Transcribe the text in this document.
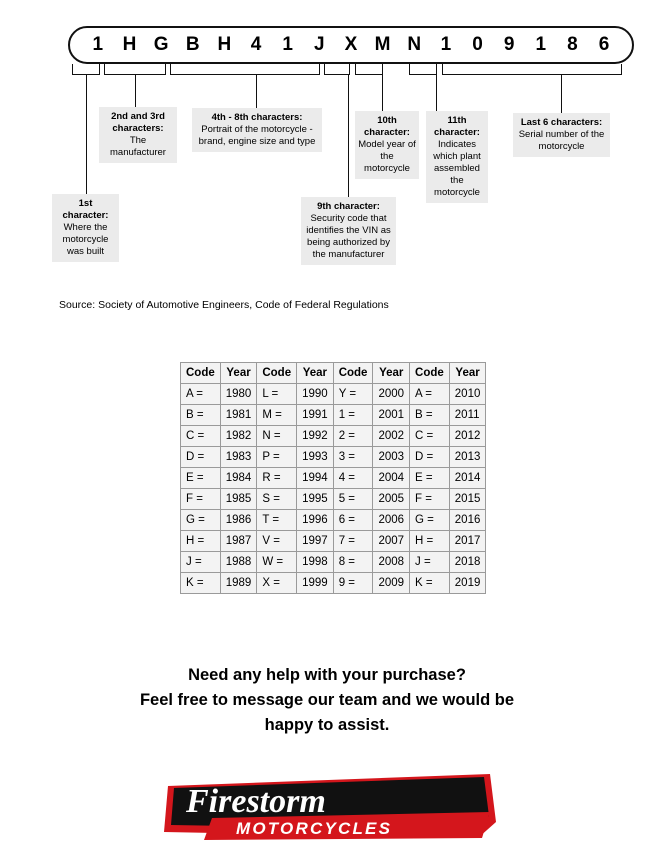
1	H G B H	4	1	J	X M N	1	0	9	1	8	6
1st character:
Where the motorcycle was built
2nd and 3rd characters:
The manufacturer
4th - 8th characters:
Portrait of the motorcycle - brand, engine size and type
9th character:
Security code that identifies the VIN as being authorized by the manufacturer
10th character:
Model year of the motorcycle
11th character:
Indicates which plant assembled the motorcycle
Last 6 characters:
Serial number of the motorcycle
Source: Society of Automotive Engineers, Code of Federal Regulations
Code	Year	Code	Year	Code	Year	Code	Year
A =	1980	L =	1990	Y =	2000	A =	2010
B =	1981	M =	1991	1 =	2001	B =	2011
C =	1982	N =	1992	2 =	2002	C =	2012
D =	1983	P =	1993	3 =	2003	D =	2013
E =	1984	R =	1994	4 =	2004	E =	2014
F =	1985	S =	1995	5 =	2005	F =	2015
G =	1986	T =	1996	6 =	2006	G =	2016
H =	1987	V =	1997	7 =	2007	H =	2017
J =	1988	W =	1998	8 =	2008	J =	2018
K =	1989	X =	1999	9 =	2009	K =	2019
Need any help with your purchase?
Feel free to message our team and we would be
happy to assist.
Firestorm
MOTORCYCLES
